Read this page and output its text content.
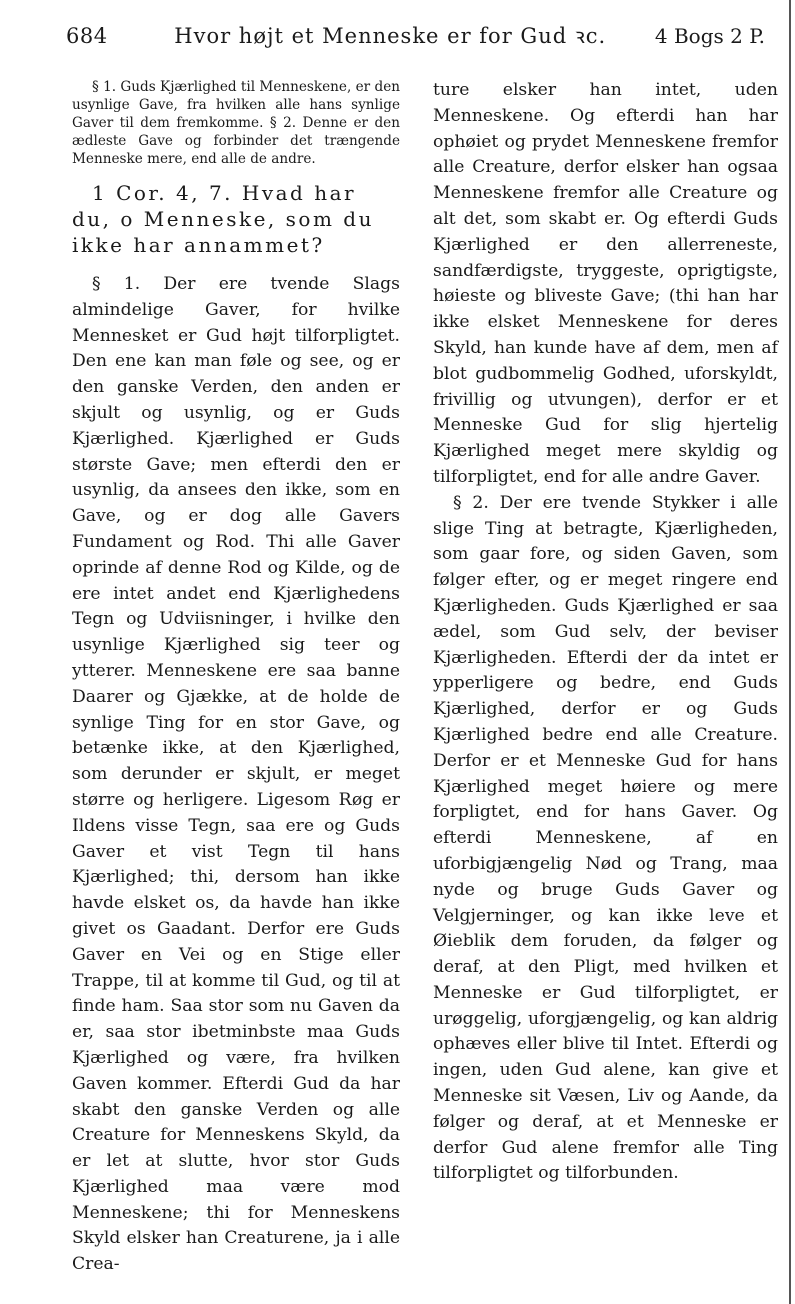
684	Hvor højt et Menneske er for Gud ꝛc.	4 Bogs 2 P.

§ 1. Guds Kjærlighed til Menneskene, er den usynlige Gave, fra hvilken alle hans synlige Gaver til dem fremkomme. § 2. Denne er den ædleste Gave og forbinder det trængende Menneske mere, end alle de andre.

1 Cor. 4, 7. Hvad har du, o Menneske, som du ikke har annammet?

§ 1. Der ere tvende Slags almindelige Gaver, for hvilke Mennesket er Gud højt tilforpligtet. Den ene kan man føle og see, og er den ganske Verden, den anden er skjult og usynlig, og er Guds Kjærlighed. Kjærlighed er Guds største Gave; men efterdi den er usynlig, da ansees den ikke, som en Gave, og er dog alle Gavers Fundament og Rod. Thi alle Gaver oprinde af denne Rod og Kilde, og de ere intet andet end Kjærlighedens Tegn og Udviisninger, i hvilke den usynlige Kjærlighed sig teer og ytterer. Menneskene ere saa banne Daarer og Gjække, at de holde de synlige Ting for en stor Gave, og betænke ikke, at den Kjærlighed, som derunder er skjult, er meget større og herligere. Ligesom Røg er Ildens visse Tegn, saa ere og Guds Gaver et vist Tegn til hans Kjærlighed; thi, dersom han ikke havde elsket os, da havde han ikke givet os Gaadant. Derfor ere Guds Gaver en Vei og en Stige eller Trappe, til at komme til Gud, og til at finde ham. Saa stor som nu Gaven da er, saa stor ibetminbste maa Guds Kjærlighed og være, fra hvilken Gaven kommer. Efterdi Gud da har skabt den ganske Verden og alle Creature for Menneskens Skyld, da er let at slutte, hvor stor Guds Kjærlighed maa være mod Menneskene; thi for Menneskens Skyld elsker han Creaturene, ja i alle Crea-

ture elsker han intet, uden Menneskene. Og efterdi han har ophøiet og prydet Menneskene fremfor alle Creature, derfor elsker han ogsaa Menneskene fremfor alle Creature og alt det, som skabt er. Og efterdi Guds Kjærlighed er den allerreneste, sandfærdigste, tryggeste, oprigtigste, høieste og bliveste Gave; (thi han har ikke elsket Menneskene for deres Skyld, han kunde have af dem, men af blot gudbommelig Godhed, uforskyldt, frivillig og utvungen), derfor er et Menneske Gud for slig hjertelig Kjærlighed meget mere skyldig og tilforpligtet, end for alle andre Gaver.

§ 2. Der ere tvende Stykker i alle slige Ting at betragte, Kjærligheden, som gaar fore, og siden Gaven, som følger efter, og er meget ringere end Kjærligheden. Guds Kjærlighed er saa ædel, som Gud selv, der beviser Kjærligheden. Efterdi der da intet er ypperligere og bedre, end Guds Kjærlighed, derfor er og Guds Kjærlighed bedre end alle Creature. Derfor er et Menneske Gud for hans Kjærlighed meget høiere og mere forpligtet, end for hans Gaver. Og efterdi Menneskene, af en uforbigjængelig Nød og Trang, maa nyde og bruge Guds Gaver og Velgjerninger, og kan ikke leve et Øieblik dem foruden, da følger og deraf, at den Pligt, med hvilken et Menneske er Gud tilforpligtet, er urøggelig, uforgjængelig, og kan aldrig ophæves eller blive til Intet. Efterdi og ingen, uden Gud alene, kan give et Menneske sit Væsen, Liv og Aande, da følger og deraf, at et Menneske er derfor Gud alene fremfor alle Ting tilforpligtet og tilforbunden.
